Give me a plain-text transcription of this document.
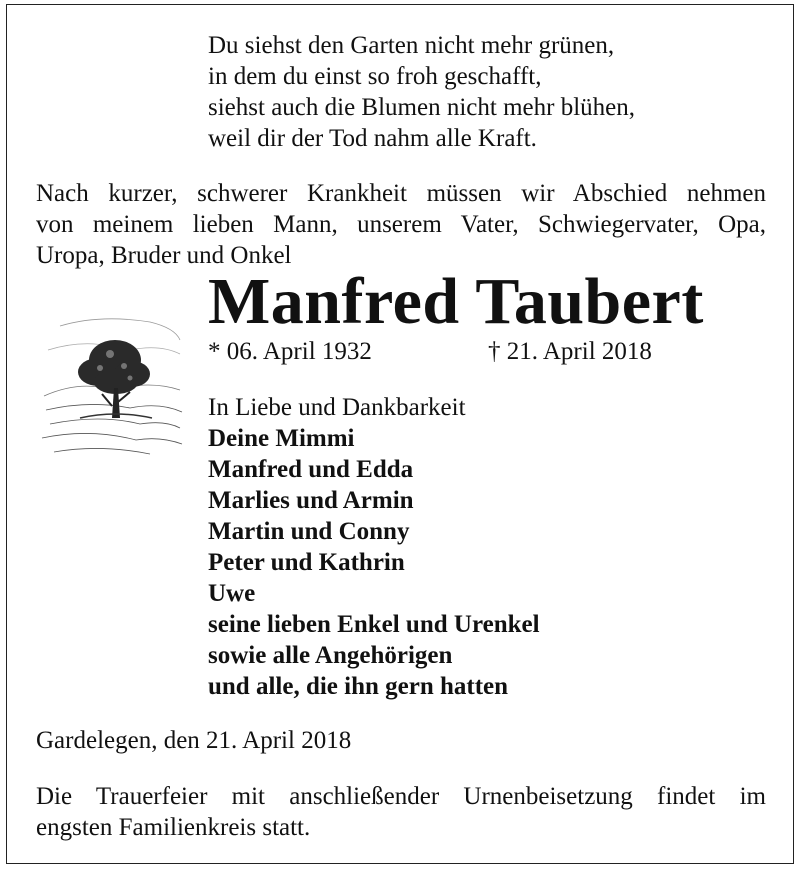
Du siehst den Garten nicht mehr grünen,
in dem du einst so froh geschafft,
siehst auch die Blumen nicht mehr blühen,
weil dir der Tod nahm alle Kraft.
Nach kurzer, schwerer Krankheit müssen wir Abschied nehmen
von meinem lieben Mann, unserem Vater, Schwiegervater, Opa,
Uropa, Bruder und Onkel
Manfred Taubert
* 06. April 1932	† 21. April 2018
In Liebe und Dankbarkeit
Deine Mimmi
Manfred und Edda
Marlies und Armin
Martin und Conny
Peter und Kathrin
Uwe
seine lieben Enkel und Urenkel
sowie alle Angehörigen
und alle, die ihn gern hatten
Gardelegen, den 21. April 2018
Die Trauerfeier mit anschließender Urnenbeisetzung findet im
engsten Familienkreis statt.
